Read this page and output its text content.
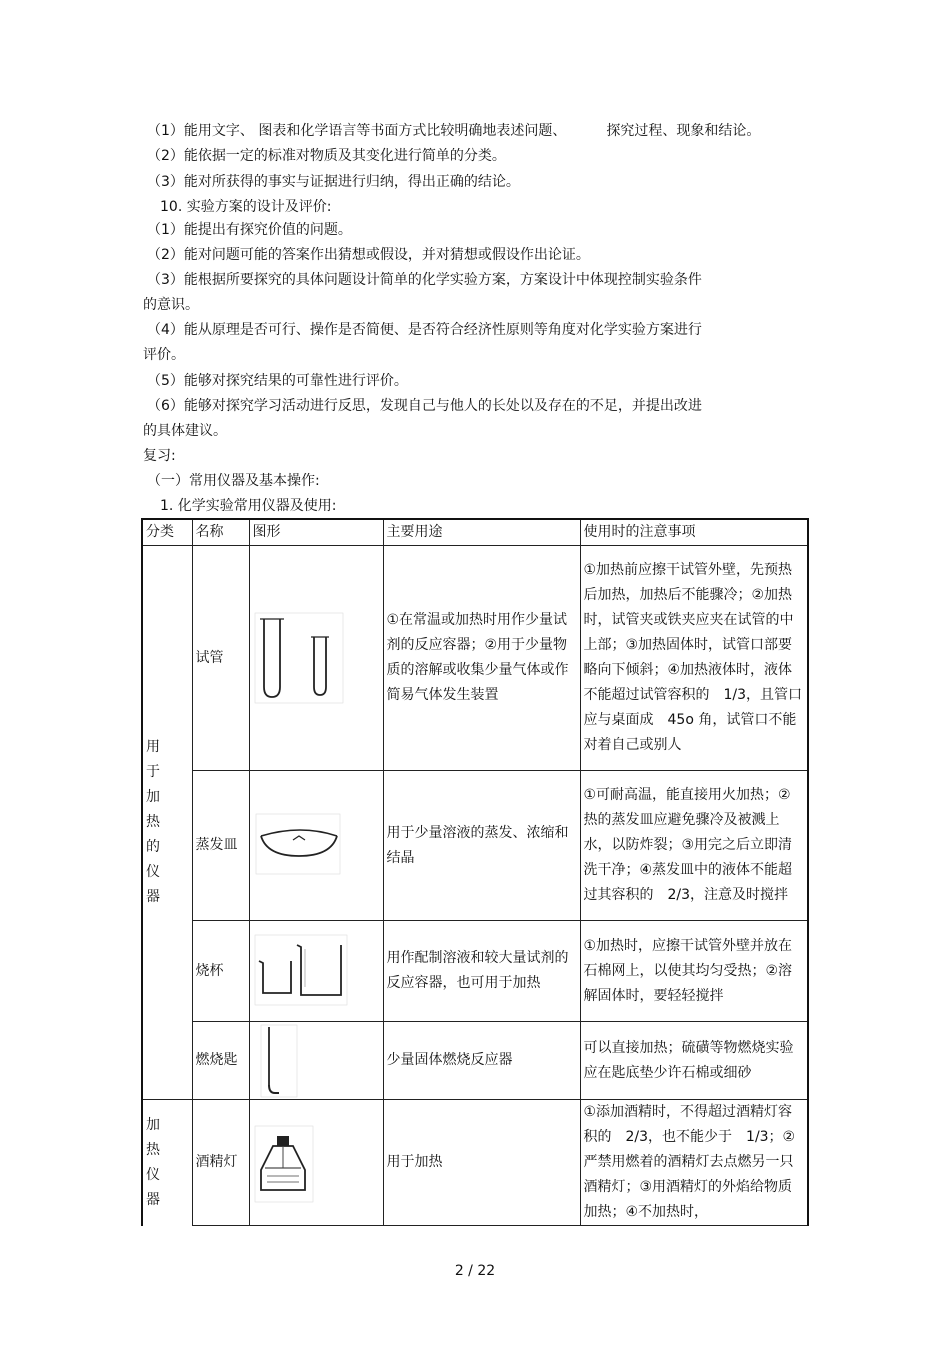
（1）能用文字、 图表和化学语言等书面方式比较明确地表述问题、	探究过程、现象和结论。
（2）能依据一定的标准对物质及其变化进行简单的分类。
（3）能对所获得的事实与证据进行归纳，得出正确的结论。
10. 实验方案的设计及评价:
（1）能提出有探究价值的问题。
（2）能对问题可能的答案作出猜想或假设，并对猜想或假设作出论证。
（3）能根据所要探究的具体问题设计简单的化学实验方案，方案设计中体现控制实验条件
的意识。
（4）能从原理是否可行、操作是否简便、是否符合经济性原则等角度对化学实验方案进行
评价。
（5）能够对探究结果的可靠性进行评价。
（6）能够对探究学习活动进行反思，发现自己与他人的长处以及存在的不足，并提出改进
的具体建议。
复习:
（一）常用仪器及基本操作:
1. 化学实验常用仪器及使用:
分类	名称	图形	主要用途	使用时的注意事项

用于加热的仪器	试管		①在常温或加热时用作少量试剂的反应容器；②用于少量物质的溶解或收集少量气体或作简易气体发生装置	①加热前应擦干试管外壁，先预热后加热，加热后不能骤冷；②加热时，试管夹或铁夹应夹在试管的中上部；③加热固体时，试管口部要略向下倾斜；④加热液体时，液体不能超过试管容积的　1/3，且管口应与桌面成　45o 角，试管口不能对着自己或别人
	蒸发皿		用于少量溶液的蒸发、浓缩和结晶	①可耐高温，能直接用火加热；②热的蒸发皿应避免骤冷及被溅上水，以防炸裂；③用完之后立即清洗干净；④蒸发皿中的液体不能超过其容积的　2/3，注意及时搅拌
	烧杯		用作配制溶液和较大量试剂的反应容器，也可用于加热	①加热时，应擦干试管外壁并放在石棉网上，以使其均匀受热；②溶解固体时，要轻轻搅拌
	燃烧匙		少量固体燃烧反应器	可以直接加热；硫磺等物燃烧实验应在匙底垫少许石棉或细砂

加热仪器	酒精灯		用于加热	①添加酒精时，不得超过酒精灯容积的　2/3，也不能少于　1/3；②严禁用燃着的酒精灯去点燃另一只酒精灯；③用酒精灯的外焰给物质加热；④不加热时，
2 / 22
